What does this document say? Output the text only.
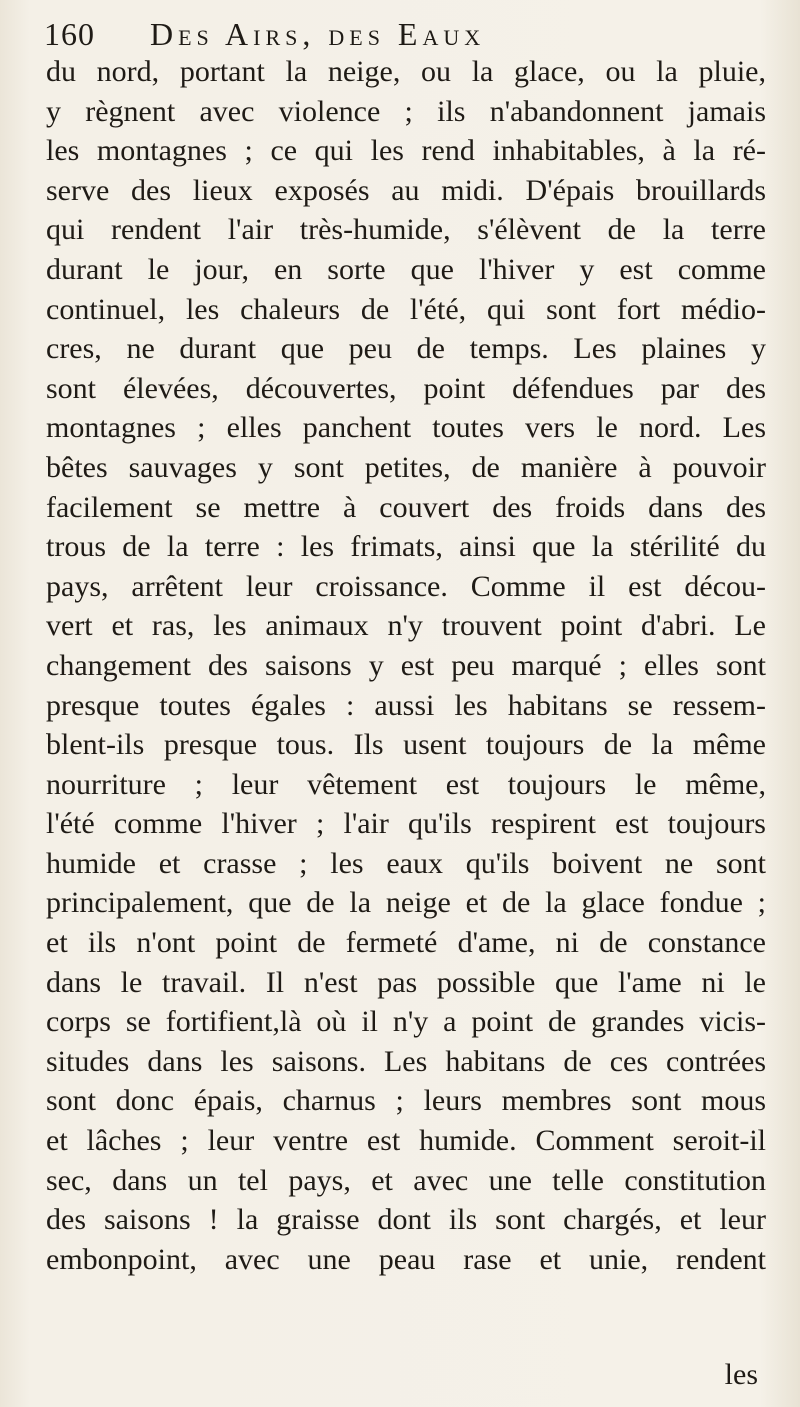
160 Des Airs, des Eaux
du nord, portant la neige, ou la glace, ou la pluie,
y règnent avec violence ; ils n'abandonnent jamais
les montagnes ; ce qui les rend inhabitables, à la ré-
serve des lieux exposés au midi. D'épais brouillards
qui rendent l'air très-humide, s'élèvent de la terre
durant le jour, en sorte que l'hiver y est comme
continuel, les chaleurs de l'été, qui sont fort médio-
cres, ne durant que peu de temps. Les plaines y
sont élevées, découvertes, point défendues par des
montagnes ; elles panchent toutes vers le nord. Les
bêtes sauvages y sont petites, de manière à pouvoir
facilement se mettre à couvert des froids dans des
trous de la terre : les frimats, ainsi que la stérilité du
pays, arrêtent leur croissance. Comme il est décou-
vert et ras, les animaux n'y trouvent point d'abri. Le
changement des saisons y est peu marqué ; elles sont
presque toutes égales : aussi les habitans se ressem-
blent-ils presque tous. Ils usent toujours de la même
nourriture ; leur vêtement est toujours le même,
l'été comme l'hiver ; l'air qu'ils respirent est toujours
humide et crasse ; les eaux qu'ils boivent ne sont
principalement, que de la neige et de la glace fondue ;
et ils n'ont point de fermeté d'ame, ni de constance
dans le travail. Il n'est pas possible que l'ame ni le
corps se fortifient,là où il n'y a point de grandes vicis-
situdes dans les saisons. Les habitans de ces contrées
sont donc épais, charnus ; leurs membres sont mous
et lâches ; leur ventre est humide. Comment seroit-il
sec, dans un tel pays, et avec une telle constitution
des saisons ! la graisse dont ils sont chargés, et leur
embonpoint, avec une peau rase et unie, rendent
les
